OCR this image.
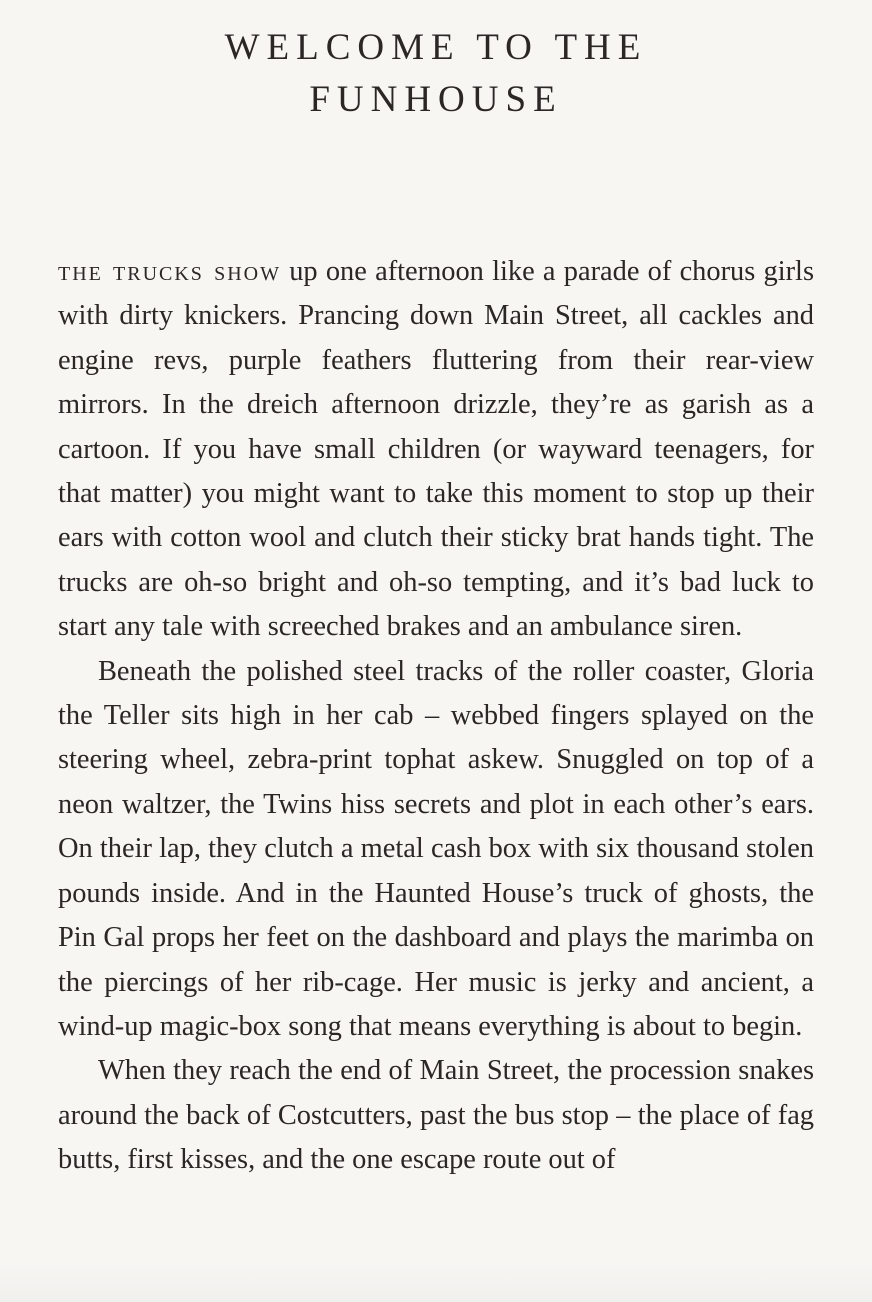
WELCOME TO THE
FUNHOUSE

the trucks show up one afternoon like a parade of chorus girls with dirty knickers. Prancing down Main Street, all cackles and engine revs, purple feathers fluttering from their rear-view mirrors. In the dreich afternoon drizzle, they’re as garish as a cartoon. If you have small children (or wayward teenagers, for that matter) you might want to take this moment to stop up their ears with cotton wool and clutch their sticky brat hands tight. The trucks are oh-so bright and oh-so tempting, and it’s bad luck to start any tale with screeched brakes and an ambulance siren.

Beneath the polished steel tracks of the roller coaster, Gloria the Teller sits high in her cab – webbed fingers splayed on the steering wheel, zebra-print tophat askew. Snuggled on top of a neon waltzer, the Twins hiss secrets and plot in each other’s ears. On their lap, they clutch a metal cash box with six thousand stolen pounds inside. And in the Haunted House’s truck of ghosts, the Pin Gal props her feet on the dashboard and plays the marimba on the piercings of her rib-cage. Her music is jerky and ancient, a wind-up magic-box song that means everything is about to begin.

When they reach the end of Main Street, the procession snakes around the back of Costcutters, past the bus stop – the place of fag butts, first kisses, and the one escape route out of
